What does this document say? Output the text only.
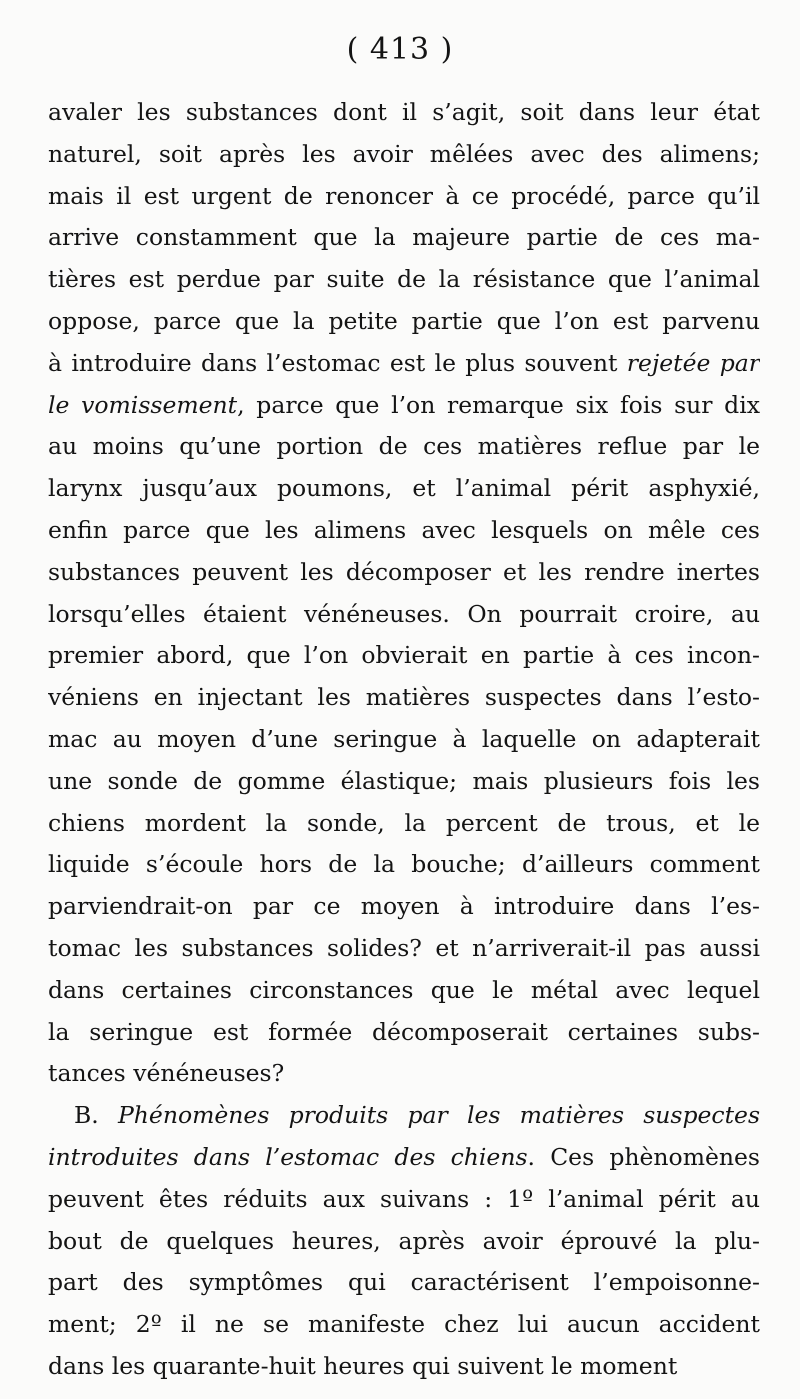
( 413 )
avaler les substances dont il s’agit, soit dans leur état
naturel, soit après les avoir mêlées avec des alimens;
mais il est urgent de renoncer à ce procédé, parce qu’il
arrive constamment que la majeure partie de ces ma-
tières est perdue par suite de la résistance que l’animal
oppose, parce que la petite partie que l’on est parvenu
à introduire dans l’estomac est le plus souvent rejetée par
le vomissement, parce que l’on remarque six fois sur dix
au moins qu’une portion de ces matières reflue par le
larynx jusqu’aux poumons, et l’animal périt asphyxié,
enfin parce que les alimens avec lesquels on mêle ces
substances peuvent les décomposer et les rendre inertes
lorsqu’elles étaient vénéneuses. On pourrait croire, au
premier abord, que l’on obvierait en partie à ces incon-
véniens en injectant les matières suspectes dans l’esto-
mac au moyen d’une seringue à laquelle on adapterait
une sonde de gomme élastique; mais plusieurs fois les
chiens mordent la sonde, la percent de trous, et le
liquide s’écoule hors de la bouche; d’ailleurs comment
parviendrait-on par ce moyen à introduire dans l’es-
tomac les substances solides? et n’arriverait-il pas aussi
dans certaines circonstances que le métal avec lequel
la seringue est formée décomposerait certaines subs-
tances vénéneuses?
B. Phénomènes produits par les matières suspectes
introduites dans l’estomac des chiens. Ces phènomènes
peuvent êtes réduits aux suivans : 1º l’animal périt au
bout de quelques heures, après avoir éprouvé la plu-
part des symptômes qui caractérisent l’empoisonne-
ment; 2º il ne se manifeste chez lui aucun accident
dans les quarante-huit heures qui suivent le moment
